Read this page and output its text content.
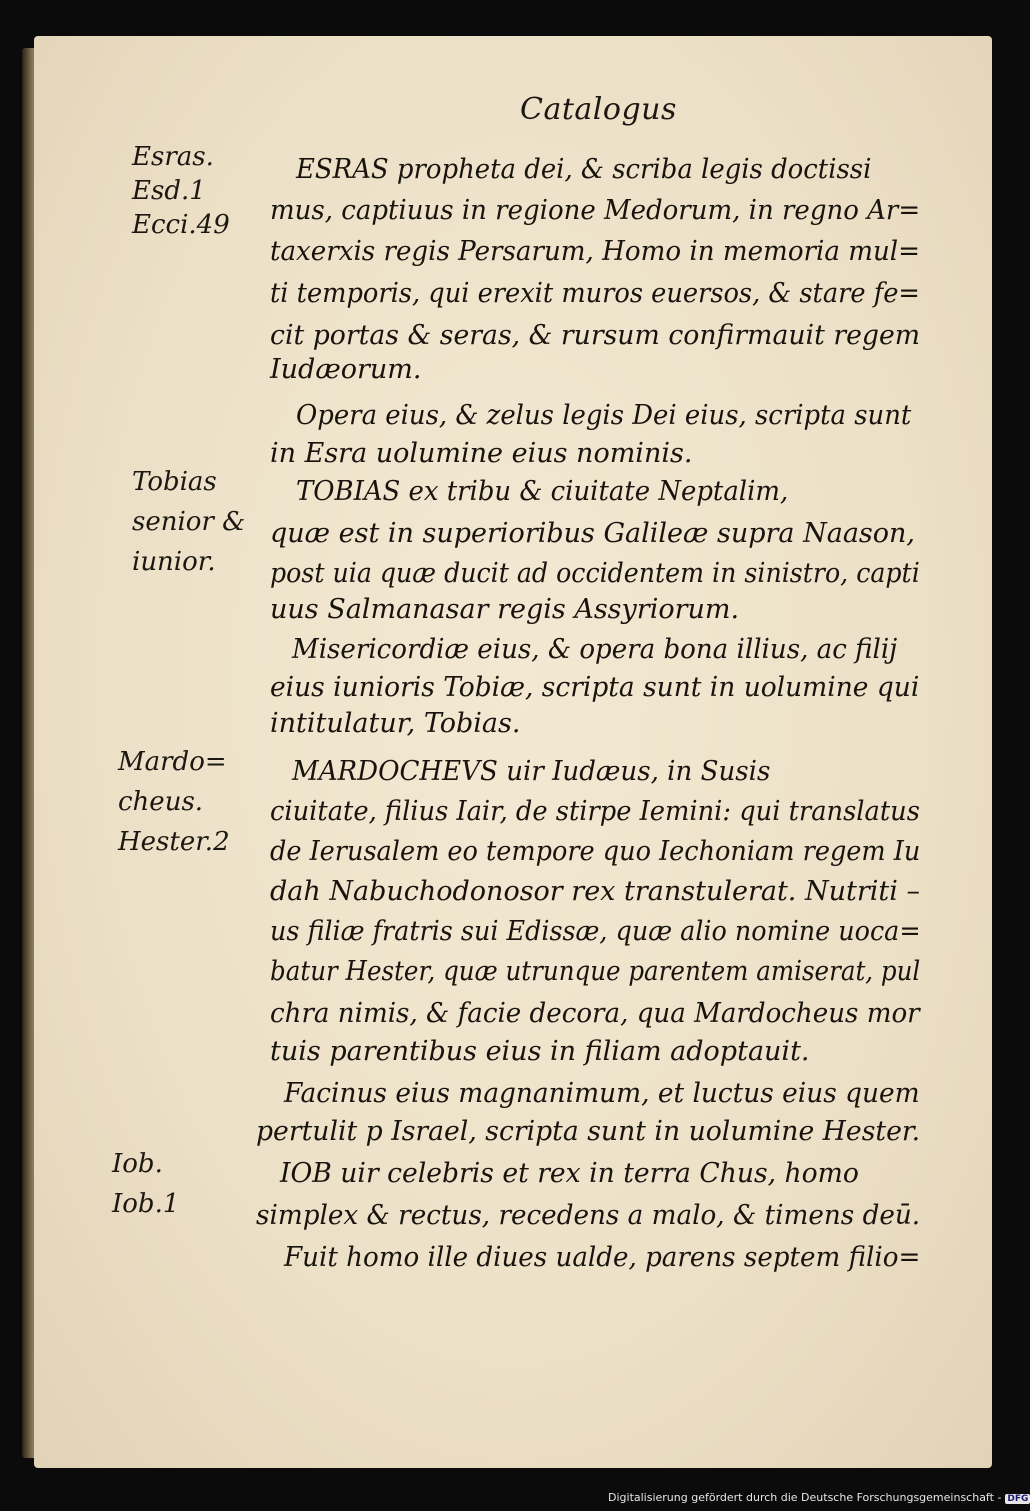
Catalogus
Esras.
Esd.1
Ecci.49
Tobias
senior &
iunior.
Mardo=
cheus.
Hester.2
Iob.
Iob.1
ESRAS propheta dei, & scriba legis doctissi
mus, captiuus in regione Medorum, in regno Ar=
taxerxis regis Persarum, Homo in memoria mul=
ti temporis, qui erexit muros euersos, & stare fe=
cit portas & seras, & rursum confirmauit regem
Iudæorum.
Opera eius, & zelus legis Dei eius, scripta sunt
in Esra uolumine eius nominis.
TOBIAS ex tribu & ciuitate Neptalim,
quæ est in superioribus Galileæ supra Naason,
post uia quæ ducit ad occidentem in sinistro, capti
uus Salmanasar regis Assyriorum.
Misericordiæ eius, & opera bona illius, ac filij
eius iunioris Tobiæ, scripta sunt in uolumine qui
intitulatur, Tobias.
MARDOCHEVS uir Iudæus, in Susis
ciuitate, filius Iair, de stirpe Iemini: qui translatus
de Ierusalem eo tempore quo Iechoniam regem Iu
dah Nabuchodonosor rex transtulerat. Nutriti –
us filiæ fratris sui Edissæ, quæ alio nomine uoca=
batur Hester, quæ utrunque parentem amiserat, pul
chra nimis, & facie decora, qua Mardocheus mor
tuis parentibus eius in filiam adoptauit.
Facinus eius magnanimum, et luctus eius quem
pertulit p Israel, scripta sunt in uolumine Hester.
IOB uir celebris et rex in terra Chus, homo
simplex & rectus, recedens a malo, & timens deū.
Fuit homo ille diues ualde, parens septem filio=
Digitalisierung gefördert durch die Deutsche Forschungsgemeinschaft - DFG
